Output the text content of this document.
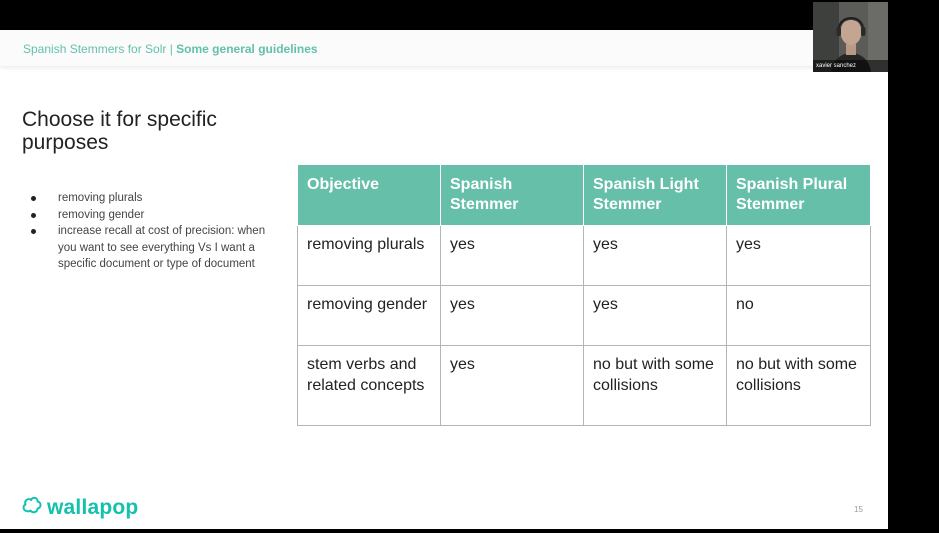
Spanish Stemmers for Solr | Some general guidelines
Choose it for specific purposes
removing plurals
removing gender
increase recall at cost of precision: when you want to see everything Vs I want a specific document or type of document
Objective	Spanish Stemmer	Spanish Light Stemmer	Spanish Plural Stemmer
removing plurals	yes	yes	yes
removing gender	yes	yes	no
stem verbs and related concepts	yes	no but with some collisions	no but with some collisions
wallapop	15
xavier sanchez
